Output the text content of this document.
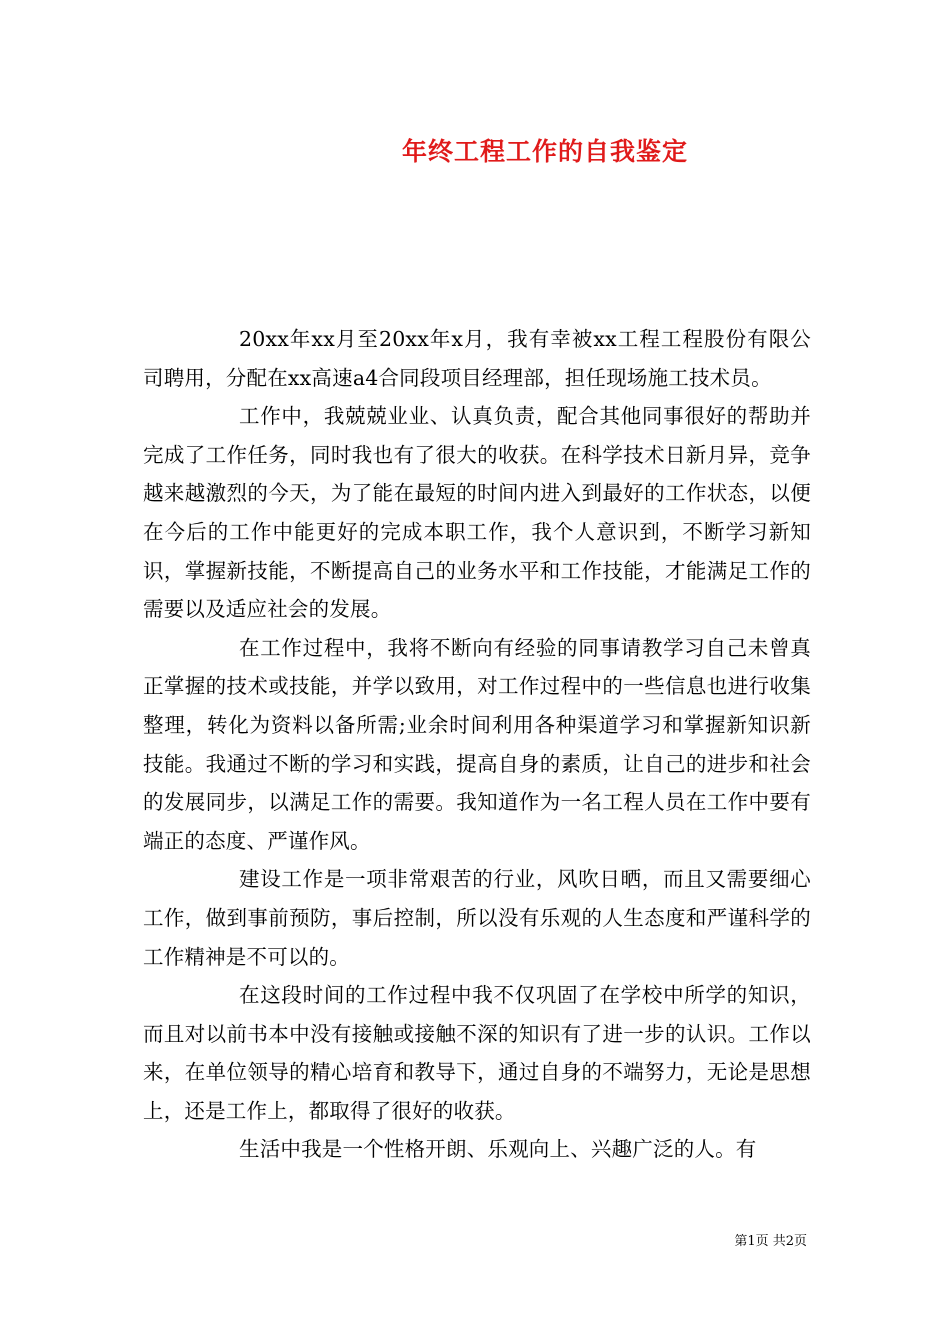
年终工程工作的自我鉴定

20xx年xx月至20xx年x月，我有幸被xx工程工程股份有限公司聘用，分配在xx高速a4合同段项目经理部，担任现场施工技术员。

工作中，我兢兢业业、认真负责，配合其他同事很好的帮助并完成了工作任务，同时我也有了很大的收获。在科学技术日新月异，竞争越来越激烈的今天，为了能在最短的时间内进入到最好的工作状态，以便在今后的工作中能更好的完成本职工作，我个人意识到，不断学习新知识，掌握新技能，不断提高自己的业务水平和工作技能，才能满足工作的需要以及适应社会的发展。

在工作过程中，我将不断向有经验的同事请教学习自己未曾真正掌握的技术或技能，并学以致用，对工作过程中的一些信息也进行收集整理，转化为资料以备所需;业余时间利用各种渠道学习和掌握新知识新技能。我通过不断的学习和实践，提高自身的素质，让自己的进步和社会的发展同步，以满足工作的需要。我知道作为一名工程人员在工作中要有端正的态度、严谨作风。

建设工作是一项非常艰苦的行业，风吹日晒，而且又需要细心工作，做到事前预防，事后控制，所以没有乐观的人生态度和严谨科学的工作精神是不可以的。

在这段时间的工作过程中我不仅巩固了在学校中所学的知识，而且对以前书本中没有接触或接触不深的知识有了进一步的认识。工作以来，在单位领导的精心培育和教导下，通过自身的不端努力，无论是思想上，还是工作上，都取得了很好的收获。

生活中我是一个性格开朗、乐观向上、兴趣广泛的人。有

第1页 共2页
